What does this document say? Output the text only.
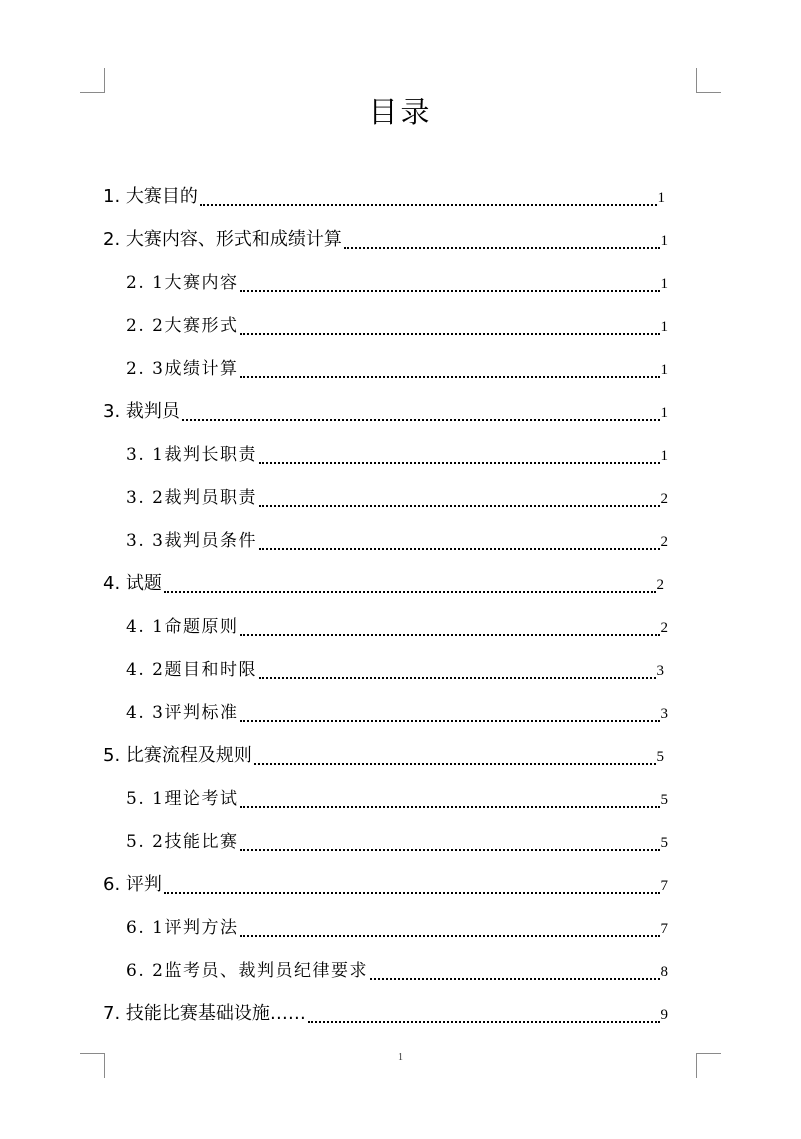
目录
1. 大赛目的	1
2. 大赛内容、形式和成绩计算	1
2. 1大赛内容	1
2. 2大赛形式	1
2. 3成绩计算	1
3. 裁判员	1
3. 1裁判长职责	1
3. 2裁判员职责	2
3. 3裁判员条件	2
4. 试题	2
4. 1命题原则	2
4. 2题目和时限	3
4. 3评判标准	3
5. 比赛流程及规则	5
5. 1理论考试	5
5. 2技能比赛	5
6. 评判	7
6. 1评判方法	7
6. 2监考员、裁判员纪律要求	8
7. 技能比赛基础设施……	9
1
